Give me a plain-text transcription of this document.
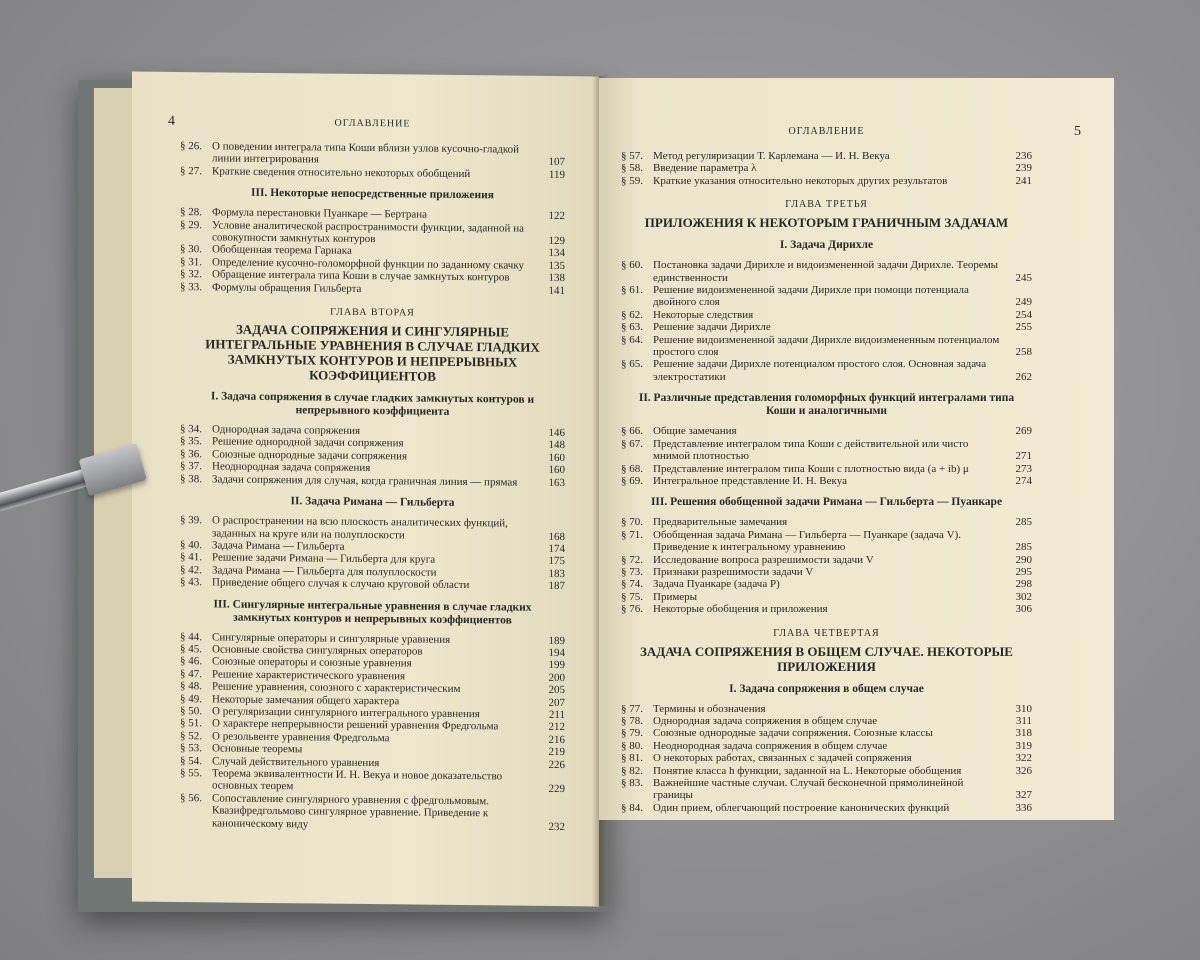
4	ОГЛАВЛЕНИЕ
§ 26. О поведении интеграла типа Коши вблизи узлов кусочно-гладкой линии интегрирования	107
§ 27. Краткие сведения относительно некоторых обобщений	119
III. Некоторые непосредственные приложения
§ 28. Формула перестановки Пуанкаре — Бертрана	122
§ 29. Условие аналитической распространимости функции, заданной на совокупности замкнутых контуров	129
§ 30. Обобщенная теорема Гарнака	134
§ 31. Определение кусочно-голоморфной функции по заданному скачку	135
§ 32. Обращение интеграла типа Коши в случае замкнутых контуров	138
§ 33. Формулы обращения Гильберта	141
ГЛАВА ВТОРАЯ
ЗАДАЧА СОПРЯЖЕНИЯ И СИНГУЛЯРНЫЕ ИНТЕГРАЛЬНЫЕ УРАВНЕНИЯ В СЛУЧАЕ ГЛАДКИХ ЗАМКНУТЫХ КОНТУРОВ И НЕПРЕРЫВНЫХ КОЭФФИЦИЕНТОВ
I. Задача сопряжения в случае гладких замкнутых контуров и непрерывного коэффициента
§ 34. Однородная задача сопряжения	146
§ 35. Решение однородной задачи сопряжения	148
§ 36. Союзные однородные задачи сопряжения	160
§ 37. Неоднородная задача сопряжения	160
§ 38. Задачи сопряжения для случая, когда граничная линия — прямая	163
II. Задача Римана — Гильберта
§ 39. О распространении на всю плоскость аналитических функций, заданных на круге или на полуплоскости	168
§ 40. Задача Римана — Гильберта	174
§ 41. Решение задачи Римана — Гильберта для круга	175
§ 42. Задача Римана — Гильберта для полуплоскости	183
§ 43. Приведение общего случая к случаю круговой области	187
III. Сингулярные интегральные уравнения в случае гладких замкнутых контуров и непрерывных коэффициентов
§ 44. Сингулярные операторы и сингулярные уравнения	189
§ 45. Основные свойства сингулярных операторов	194
§ 46. Союзные операторы и союзные уравнения	199
§ 47. Решение характеристического уравнения	200
§ 48. Решение уравнения, союзного с характеристическим	205
§ 49. Некоторые замечания общего характера	207
§ 50. О регуляризации сингулярного интегрального уравнения	211
§ 51. О характере непрерывности решений уравнения Фредгольма	212
§ 52. О резольвенте уравнения Фредгольма	216
§ 53. Основные теоремы	219
§ 54. Случай действительного уравнения	226
§ 55. Теорема эквивалентности И. Н. Векуа и новое доказательство основных теорем	229
§ 56. Сопоставление сингулярного уравнения с фредгольмовым. Квазифредгольмово сингулярное уравнение. Приведение к каноническому виду	232
ОГЛАВЛЕНИЕ	5
§ 57. Метод регуляризации Т. Карлемана — И. Н. Векуа	236
§ 58. Введение параметра λ	239
§ 59. Краткие указания относительно некоторых других результатов	241
ГЛАВА ТРЕТЬЯ
ПРИЛОЖЕНИЯ К НЕКОТОРЫМ ГРАНИЧНЫМ ЗАДАЧАМ
I. Задача Дирихле
§ 60. Постановка задачи Дирихле и видоизмененной задачи Дирихле. Теоремы единственности	245
§ 61. Решение видоизмененной задачи Дирихле при помощи потенциала двойного слоя	249
§ 62. Некоторые следствия	254
§ 63. Решение задачи Дирихле	255
§ 64. Решение видоизмененной задачи Дирихле видоизмененным потенциалом простого слоя	258
§ 65. Решение задачи Дирихле потенциалом простого слоя. Основная задача электростатики	262
II. Различные представления голоморфных функций интегралами типа Коши и аналогичными
§ 66. Общие замечания	269
§ 67. Представление интегралом типа Коши с действительной или чисто мнимой плотностью	271
§ 68. Представление интегралом типа Коши с плотностью вида (a + ib) μ	273
§ 69. Интегральное представление И. Н. Векуа	274
III. Решения обобщенной задачи Римана — Гильберта — Пуанкаре
§ 70. Предварительные замечания	285
§ 71. Обобщенная задача Римана — Гильберта — Пуанкаре (задача V). Приведение к интегральному уравнению	285
§ 72. Исследование вопроса разрешимости задачи V	290
§ 73. Признаки разрешимости задачи V	295
§ 74. Задача Пуанкаре (задача P)	298
§ 75. Примеры	302
§ 76. Некоторые обобщения и приложения	306
ГЛАВА ЧЕТВЕРТАЯ
ЗАДАЧА СОПРЯЖЕНИЯ В ОБЩЕМ СЛУЧАЕ. НЕКОТОРЫЕ ПРИЛОЖЕНИЯ
I. Задача сопряжения в общем случае
§ 77. Термины и обозначения	310
§ 78. Однородная задача сопряжения в общем случае	311
§ 79. Союзные однородные задачи сопряжения. Союзные классы	318
§ 80. Неоднородная задача сопряжения в общем случае	319
§ 81. О некоторых работах, связанных с задачей сопряжения	322
§ 82. Понятие класса h функции, заданной на L. Некоторые обобщения	326
§ 83. Важнейшие частные случаи. Случай бесконечной прямолинейной границы	327
§ 84. Один прием, облегчающий построение канонических функций	336
